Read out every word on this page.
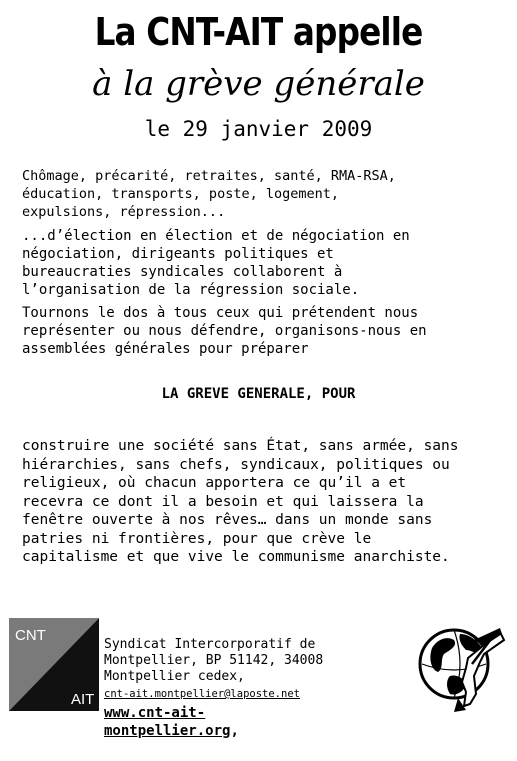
La CNT-AIT appelle
à la grève générale
le 29 janvier 2009
Chômage, précarité, retraites, santé, RMA-RSA,
éducation, transports, poste, logement,
expulsions, répression...
...d’élection en élection et de négociation en
négociation, dirigeants politiques et
bureaucraties syndicales collaborent à
l’organisation de la régression sociale.
Tournons le dos à tous ceux qui prétendent nous
représenter ou nous défendre, organisons-nous en
assemblées générales pour préparer
LA GREVE GENERALE, POUR
construire une société sans État, sans armée, sans
hiérarchies, sans chefs, syndicaux, politiques ou
religieux, où chacun apportera ce qu’il a et
recevra ce dont il a besoin et qui laissera la
fenêtre ouverte à nos rêves… dans un monde sans
patries ni frontières, pour que crève le
capitalisme et que vive le communisme anarchiste.
CNT
AIT
Syndicat Intercorporatif de
Montpellier, BP 51142, 34008
Montpellier cedex,
cnt-ait.montpellier@laposte.net
www.cnt-ait-
montpellier.org,
